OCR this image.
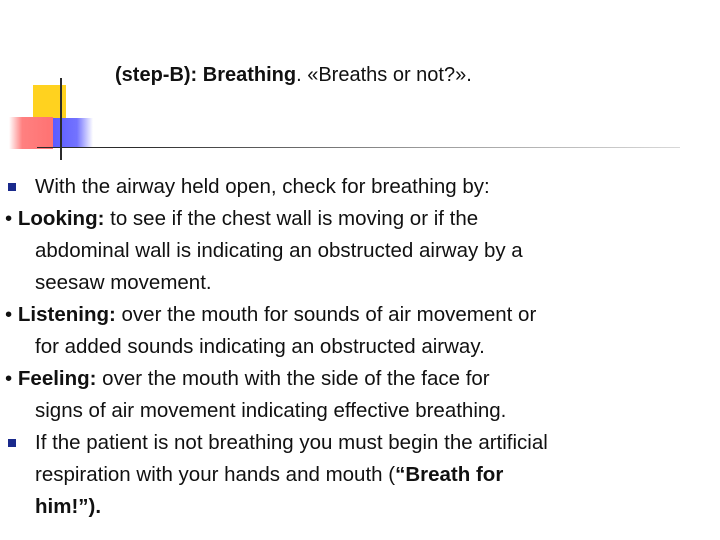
(step-B): Breathing. «Breaths or not?».

With the airway held open, check for breathing by:

• Looking: to see if the chest wall is moving or if the
abdominal wall is indicating an obstructed airway by a
seesaw movement.

• Listening: over the mouth for sounds of air movement or
for added sounds indicating an obstructed airway.

• Feeling: over the mouth with the side of the face for
signs of air movement indicating effective breathing.

If the patient is not breathing you must begin the artificial
respiration with your hands and mouth (“Breath for
him!”).
